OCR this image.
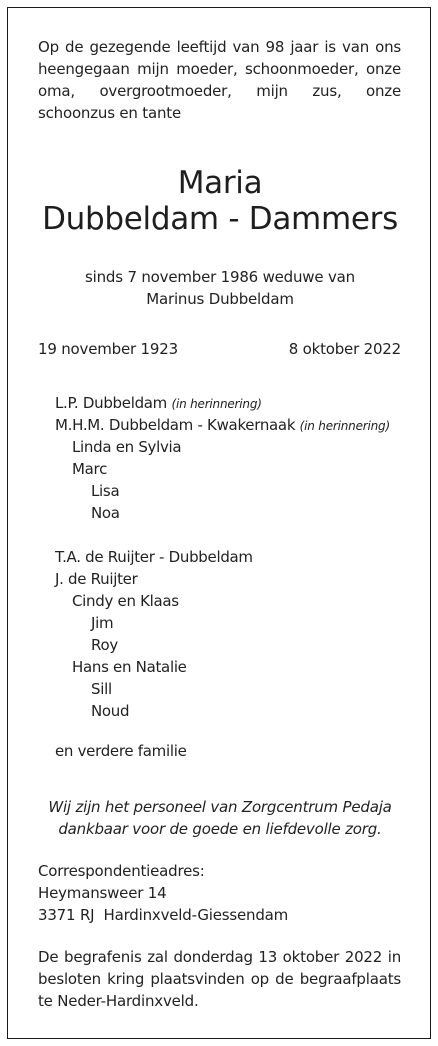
Op de gezegende leeftijd van 98 jaar is van ons heengegaan mijn moeder, schoonmoeder, onze oma, overgrootmoeder, mijn zus, onze schoonzus en tante
Maria
Dubbeldam - Dammers
sinds 7 november 1986 weduwe van
Marinus Dubbeldam
19 november 1923	8 oktober 2022
L.P. Dubbeldam (in herinnering)
M.H.M. Dubbeldam - Kwakernaak (in herinnering)
Linda en Sylvia
Marc
Lisa
Noa
T.A. de Ruijter - Dubbeldam
J. de Ruijter
Cindy en Klaas
Jim
Roy
Hans en Natalie
Sill
Noud
en verdere familie
Wij zijn het personeel van Zorgcentrum Pedaja
dankbaar voor de goede en liefdevolle zorg.
Correspondentieadres:
Heymansweer 14
3371 RJ  Hardinxveld-Giessendam
De begrafenis zal donderdag 13 oktober 2022 in besloten kring plaatsvinden op de begraafplaats te Neder-Hardinxveld.
